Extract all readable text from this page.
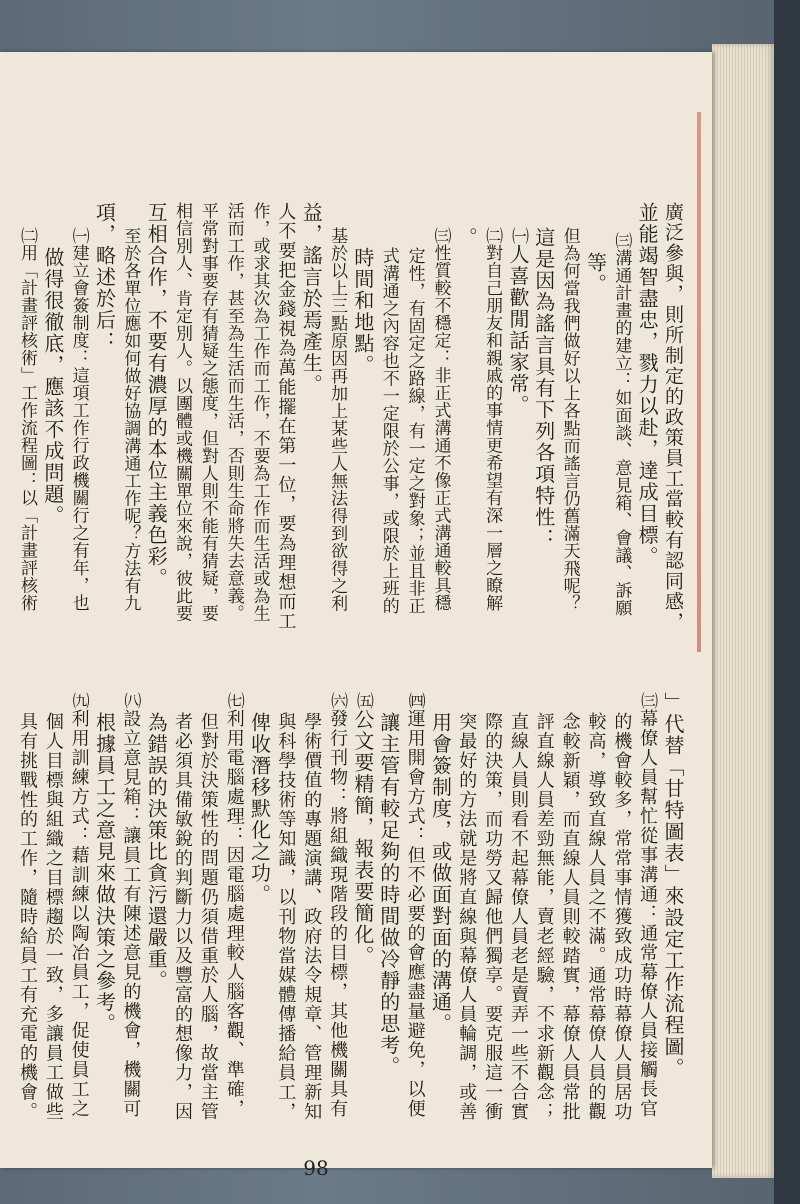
廣泛參與，則所制定的政策員工當較有認同感，
並能竭智盡忠，戮力以赴，達成目標。
㈢溝通計畫的建立：如面談、意見箱、會議、訴願
等。
但為何當我們做好以上各點而謠言仍舊滿天飛呢？
這是因為謠言具有下列各項特性：
㈠人喜歡閒話家常。
㈡對自己朋友和親戚的事情更希望有深一層之瞭解
。
㈢性質較不穩定：非正式溝通不像正式溝通較具穩
定性，有固定之路線，有一定之對象；並且非正
式溝通之內容也不一定限於公事，或限於上班的
時間和地點。
基於以上三點原因再加上某些人無法得到欲得之利
益，謠言於焉產生。
人不要把金錢視為萬能擺在第一位，要為理想而工
作，或求其次為工作而工作，不要為工作而生活或為生
活而工作，甚至為生活而生活，否則生命將失去意義。
平常對事要存有猜疑之態度，但對人則不能有猜疑，要
相信別人、肯定別人。以團體或機關單位來說，彼此要
互相合作，不要有濃厚的本位主義色彩。
至於各單位應如何做好協調溝通工作呢？方法有九
項，略述於后：
㈠建立會簽制度：這項工作行政機關行之有年，也
做得很徹底，應該不成問題。
㈡用「計畫評核術」工作流程圖：以「計畫評核術
」代替「甘特圖表」來設定工作流程圖。
㈢幕僚人員幫忙從事溝通：通常幕僚人員接觸長官
的機會較多，常常事情獲致成功時幕僚人員居功
較高，導致直線人員之不滿。通常幕僚人員的觀
念較新穎，而直線人員則較踏實，幕僚人員常批
評直線人員差勁無能，賣老經驗，不求新觀念；
直線人員則看不起幕僚人員老是賣弄一些不合實
際的決策，而功勞又歸他們獨享。要克服這一衝
突最好的方法就是將直線與幕僚人員輪調，或善
用會簽制度，或做面對面的溝通。
㈣運用開會方式：但不必要的會應盡量避免，以便
讓主管有較足夠的時間做冷靜的思考。
㈤公文要精簡，報表要簡化。
㈥發行刊物：將組織現階段的目標，其他機關具有
學術價值的專題演講、政府法令規章、管理新知
與科學技術等知識，以刊物當媒體傳播給員工，
俾收潛移默化之功。
㈦利用電腦處理：因電腦處理較人腦客觀、準確，
但對於決策性的問題仍須借重於人腦，故當主管
者必須具備敏銳的判斷力以及豐富的想像力，因
為錯誤的決策比貪污還嚴重。
㈧設立意見箱：讓員工有陳述意見的機會，機關可
根據員工之意見來做決策之參考。
㈨利用訓練方式：藉訓練以陶冶員工，促使員工之
個人目標與組織之目標趨於一致，多讓員工做些
具有挑戰性的工作，隨時給員工有充電的機會。
98
